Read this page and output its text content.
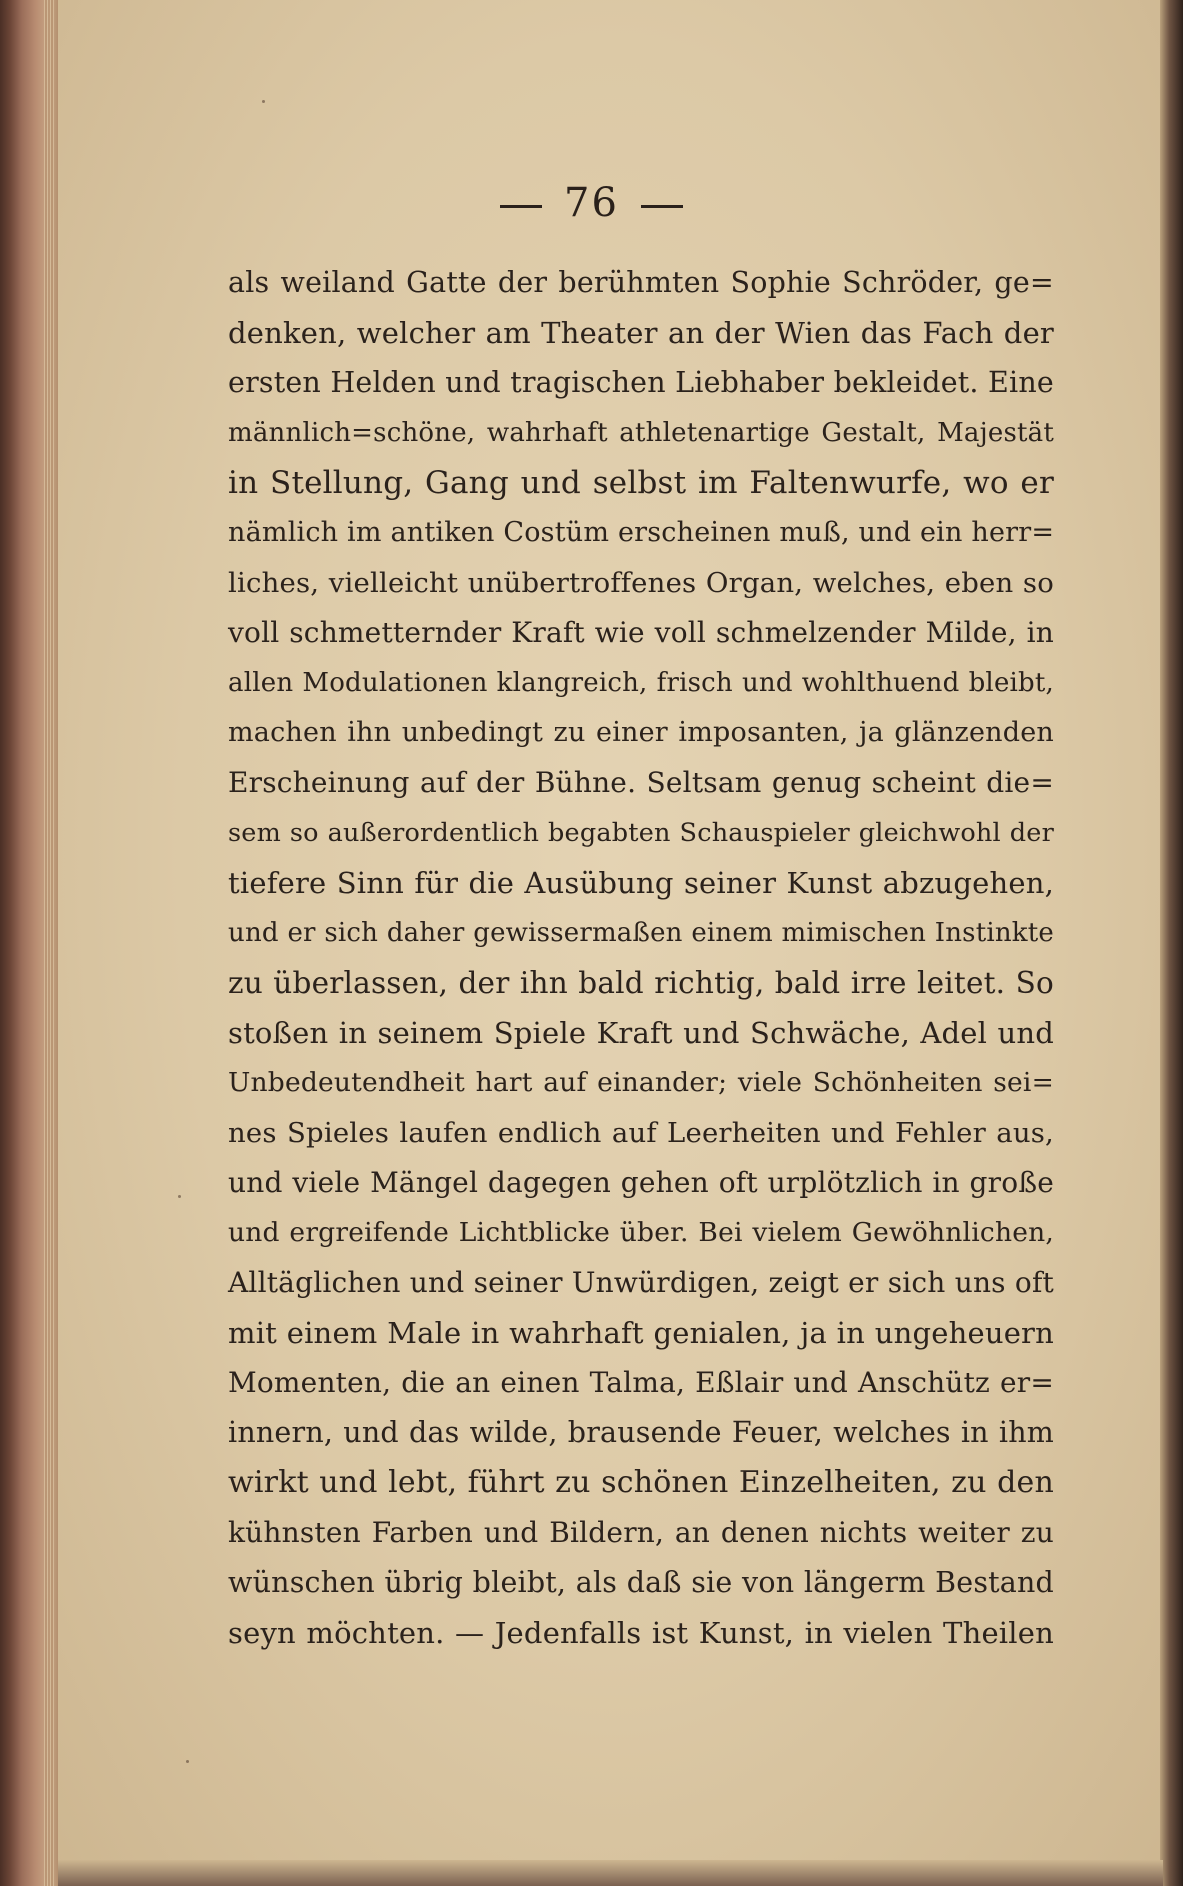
76
als weiland Gatte der berühmten Sophie Schröder, ge=
denken, welcher am Theater an der Wien das Fach der
ersten Helden und tragischen Liebhaber bekleidet. Eine
männlich=schöne, wahrhaft athletenartige Gestalt, Majestät
in Stellung, Gang und selbst im Faltenwurfe, wo er
nämlich im antiken Costüm erscheinen muß, und ein herr=
liches, vielleicht unübertroffenes Organ, welches, eben so
voll schmetternder Kraft wie voll schmelzender Milde, in
allen Modulationen klangreich, frisch und wohlthuend bleibt,
machen ihn unbedingt zu einer imposanten, ja glänzenden
Erscheinung auf der Bühne. Seltsam genug scheint die=
sem so außerordentlich begabten Schauspieler gleichwohl der
tiefere Sinn für die Ausübung seiner Kunst abzugehen,
und er sich daher gewissermaßen einem mimischen Instinkte
zu überlassen, der ihn bald richtig, bald irre leitet. So
stoßen in seinem Spiele Kraft und Schwäche, Adel und
Unbedeutendheit hart auf einander; viele Schönheiten sei=
nes Spieles laufen endlich auf Leerheiten und Fehler aus,
und viele Mängel dagegen gehen oft urplötzlich in große
und ergreifende Lichtblicke über. Bei vielem Gewöhnlichen,
Alltäglichen und seiner Unwürdigen, zeigt er sich uns oft
mit einem Male in wahrhaft genialen, ja in ungeheuern
Momenten, die an einen Talma, Eßlair und Anschütz er=
innern, und das wilde, brausende Feuer, welches in ihm
wirkt und lebt, führt zu schönen Einzelheiten, zu den
kühnsten Farben und Bildern, an denen nichts weiter zu
wünschen übrig bleibt, als daß sie von längerm Bestand
seyn möchten. — Jedenfalls ist Kunst, in vielen Theilen
